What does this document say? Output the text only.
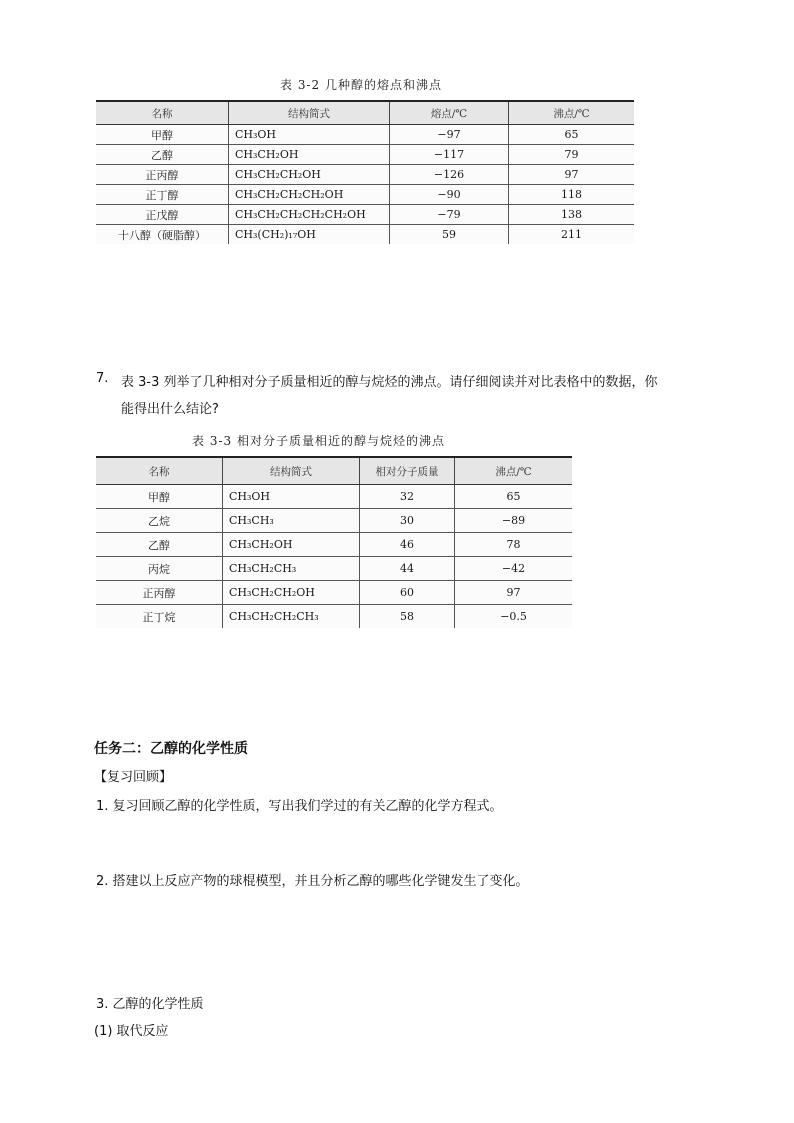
表 3-2 几种醇的熔点和沸点
名称	结构简式	熔点/℃	沸点/℃
甲醇	CH₃OH	−97	65
乙醇	CH₃CH₂OH	−117	79
正丙醇	CH₃CH₂CH₂OH	−126	97
正丁醇	CH₃CH₂CH₂CH₂OH	−90	118
正戊醇	CH₃CH₂CH₂CH₂CH₂OH	−79	138
十八醇（硬脂醇）	CH₃(CH₂)₁₇OH	59	211
7. 表 3-3 列举了几种相对分子质量相近的醇与烷烃的沸点。请仔细阅读并对比表格中的数据，你
能得出什么结论?
表 3-3 相对分子质量相近的醇与烷烃的沸点
名称	结构简式	相对分子质量	沸点/℃
甲醇	CH₃OH	32	65
乙烷	CH₃CH₃	30	−89
乙醇	CH₃CH₂OH	46	78
丙烷	CH₃CH₂CH₃	44	−42
正丙醇	CH₃CH₂CH₂OH	60	97
正丁烷	CH₃CH₂CH₂CH₃	58	−0.5
任务二：乙醇的化学性质
【复习回顾】
1. 复习回顾乙醇的化学性质，写出我们学过的有关乙醇的化学方程式。
2. 搭建以上反应产物的球棍模型，并且分析乙醇的哪些化学键发生了变化。
3. 乙醇的化学性质
(1) 取代反应
